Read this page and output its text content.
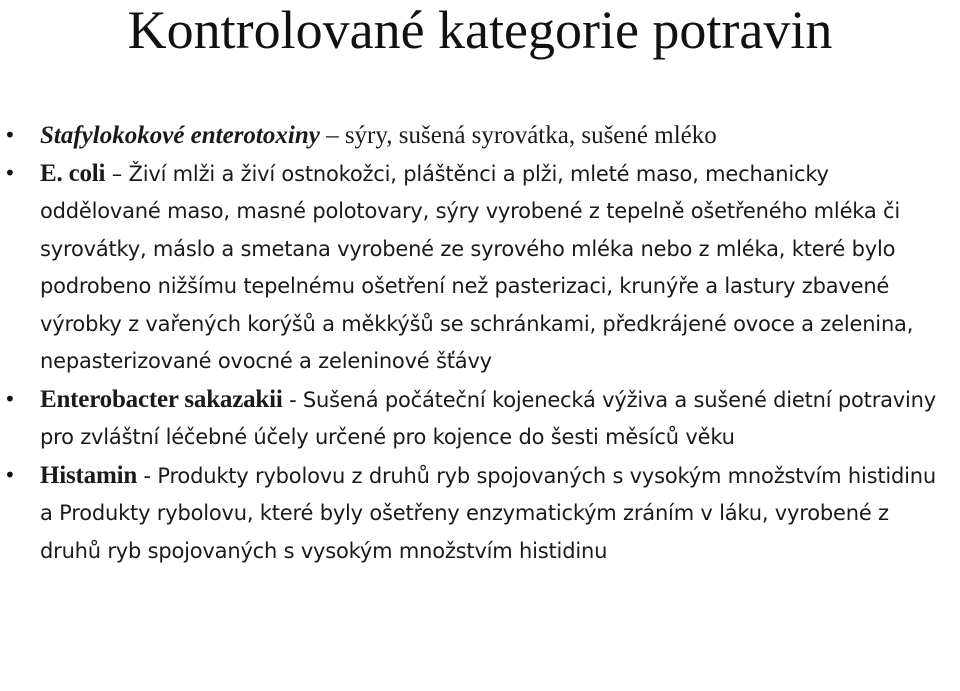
Kontrolované kategorie potravin
• Stafylokokové enterotoxiny – sýry, sušená syrovátka, sušené mléko
• E. coli – Živí mlži a živí ostnokožci, pláštěnci a plži, mleté maso, mechanicky oddělované maso, masné polotovary, sýry vyrobené z tepelně ošetřeného mléka či syrovátky, máslo a smetana vyrobené ze syrového mléka nebo z mléka, které bylo podrobeno nižšímu tepelnému ošetření než pasterizaci, krunýře a lastury zbavené výrobky z vařených korýšů a měkkýšů se schránkami, předkrájené ovoce a zelenina, nepasterizované ovocné a zeleninové šťávy
• Enterobacter sakazakii - Sušená počáteční kojenecká výživa a sušené dietní potraviny pro zvláštní léčebné účely určené pro kojence do šesti měsíců věku
• Histamin - Produkty rybolovu z druhů ryb spojovaných s vysokým množstvím histidinu a Produkty rybolovu, které byly ošetřeny enzymatickým zráním v láku, vyrobené z druhů ryb spojovaných s vysokým množstvím histidinu
